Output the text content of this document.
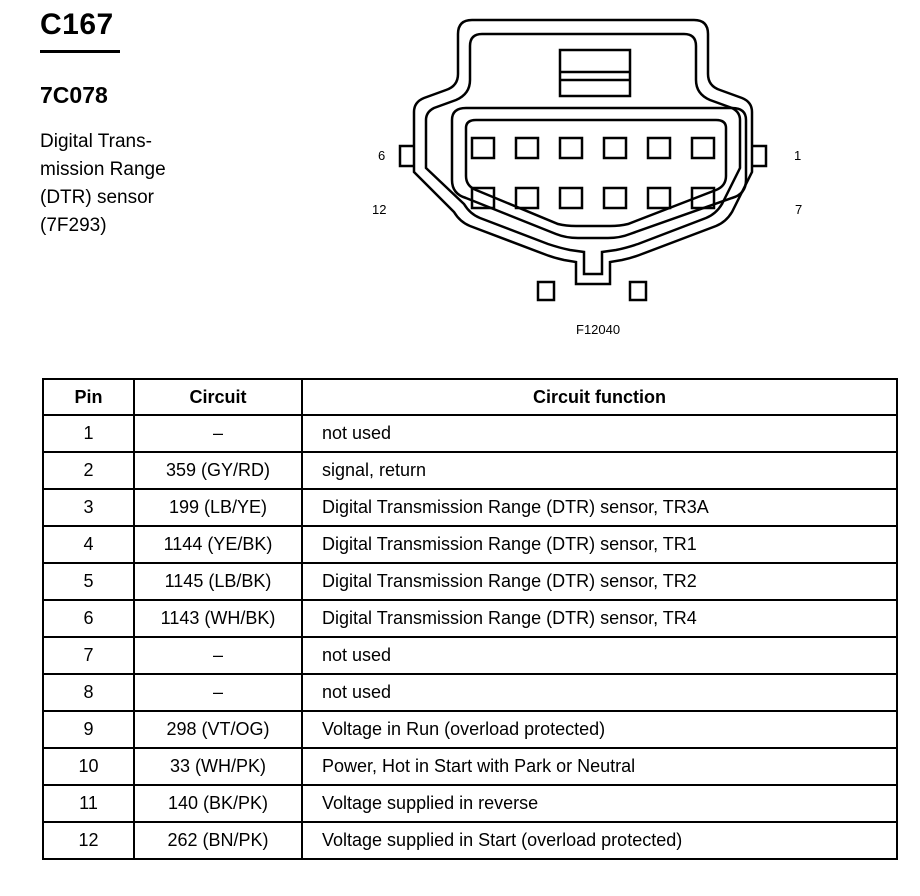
C167
7C078
Digital Trans-
mission Range
(DTR) sensor
(7F293)
6	1
12	7
F12040
Pin	Circuit	Circuit function
1	–	not used
2	359 (GY/RD)	signal, return
3	199 (LB/YE)	Digital Transmission Range (DTR) sensor, TR3A
4	1144 (YE/BK)	Digital Transmission Range (DTR) sensor, TR1
5	1145 (LB/BK)	Digital Transmission Range (DTR) sensor, TR2
6	1143 (WH/BK)	Digital Transmission Range (DTR) sensor, TR4
7	–	not used
8	–	not used
9	298 (VT/OG)	Voltage in Run (overload protected)
10	33 (WH/PK)	Power, Hot in Start with Park or Neutral
11	140 (BK/PK)	Voltage supplied in reverse
12	262 (BN/PK)	Voltage supplied in Start (overload protected)
